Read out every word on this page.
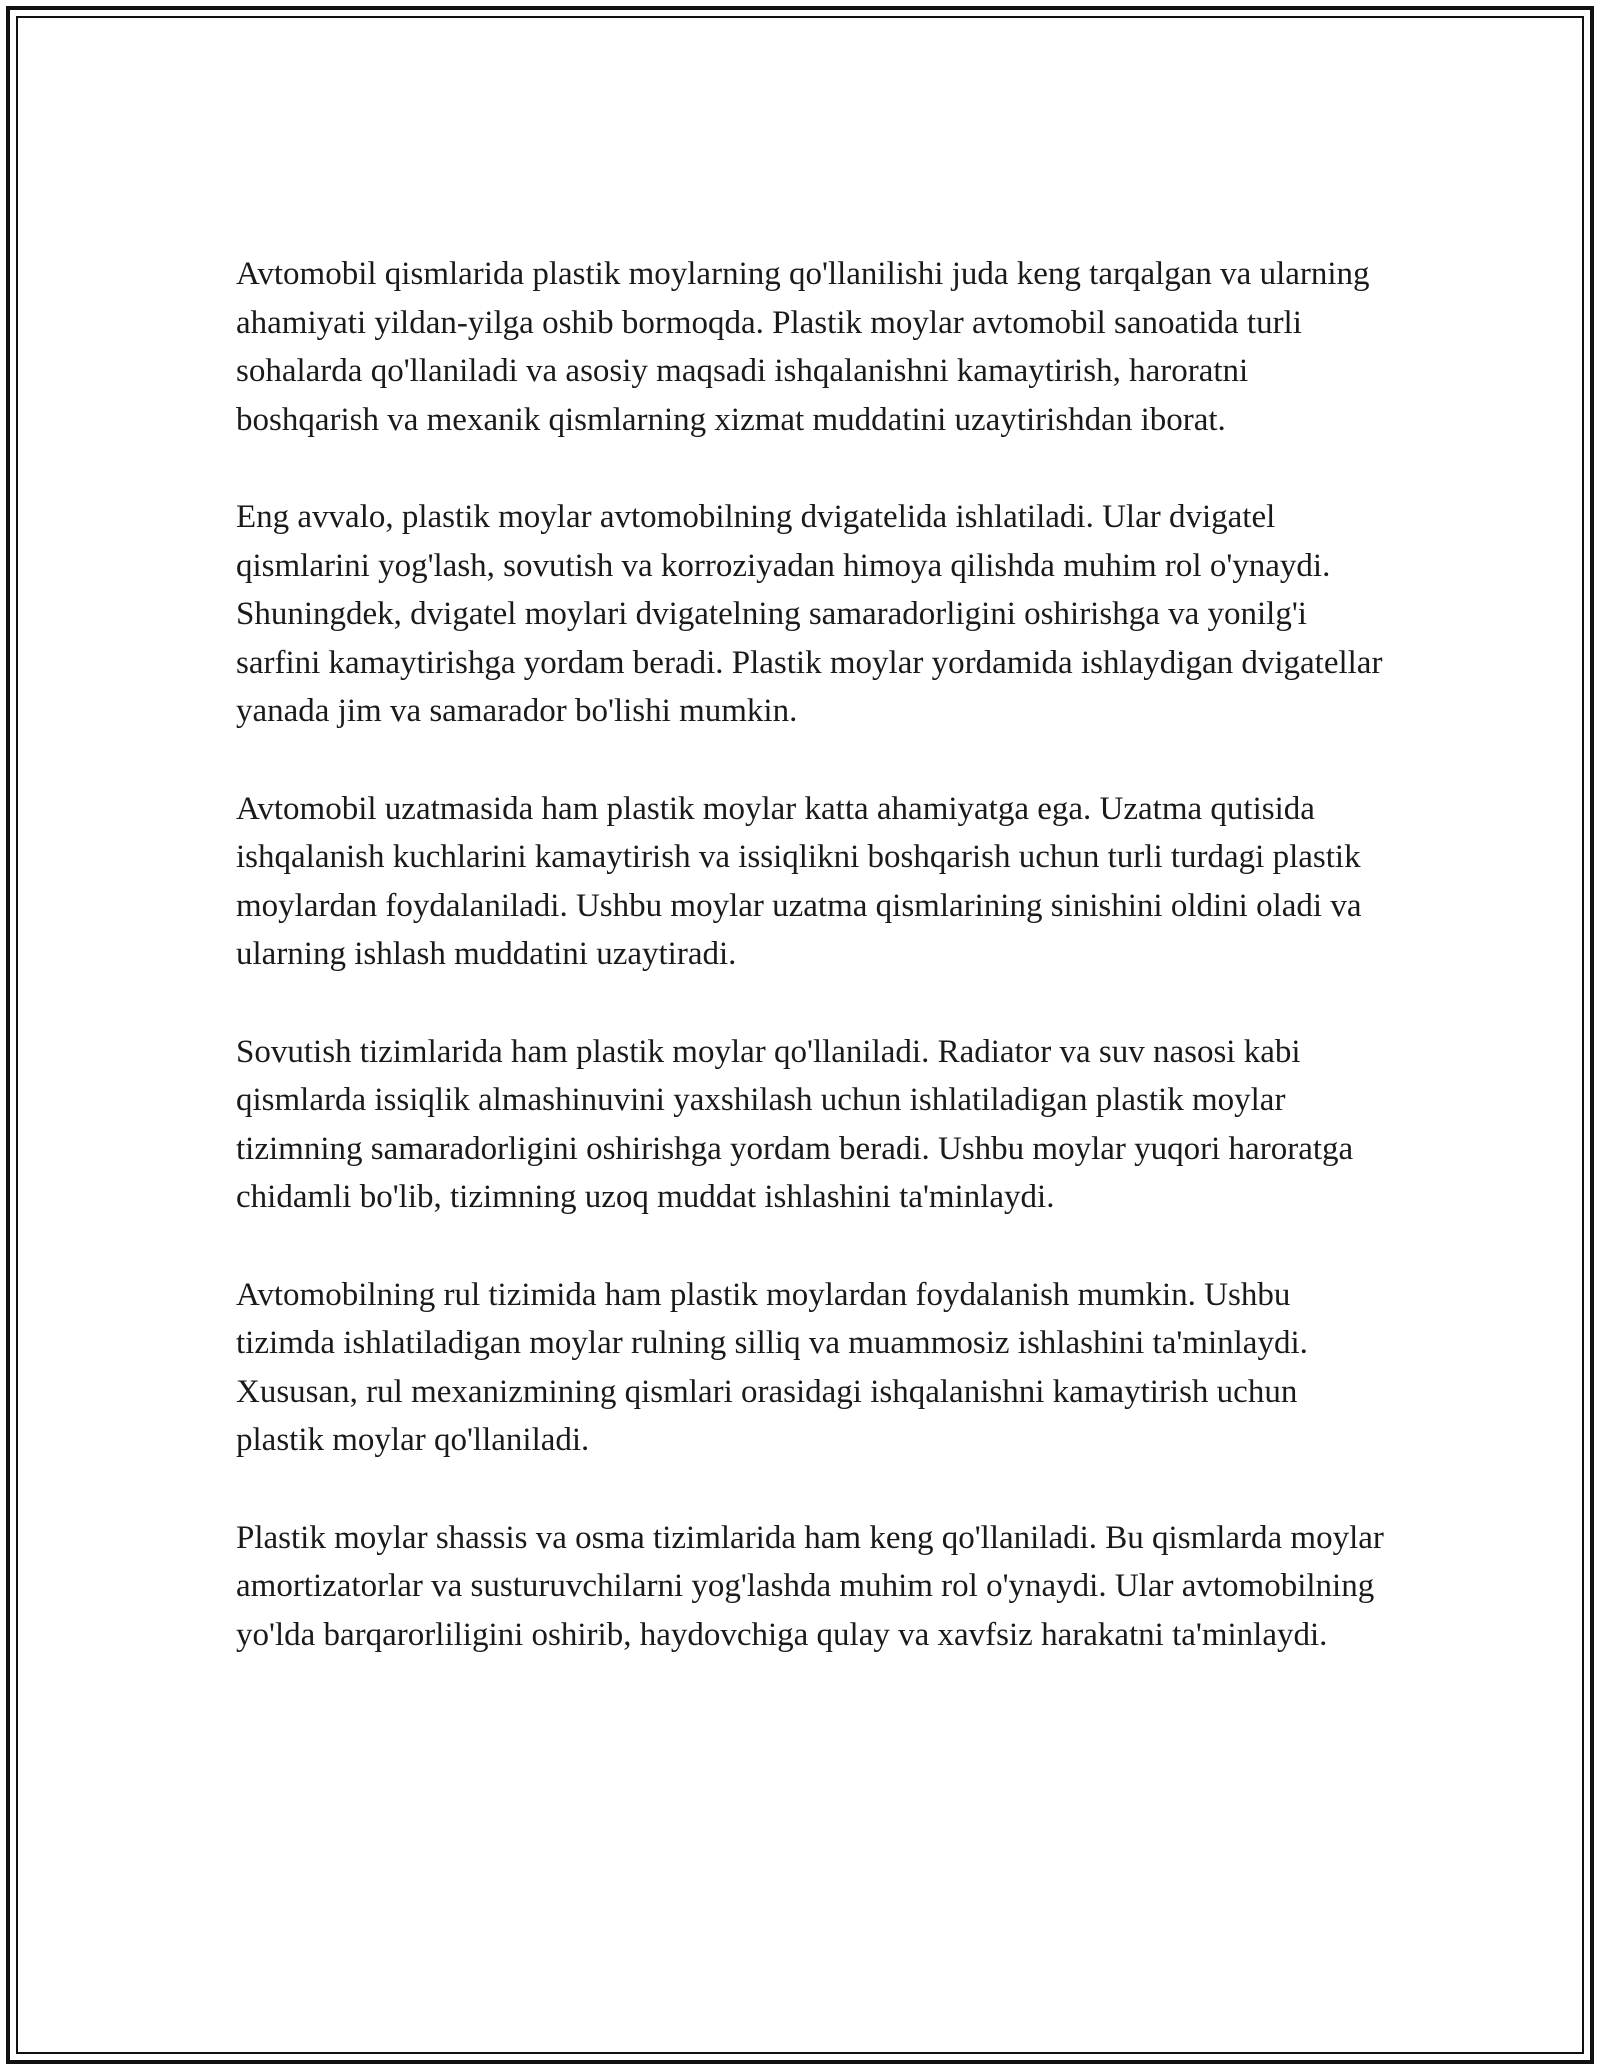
Avtomobil qismlarida plastik moylarning qo'llanilishi juda keng tarqalgan va ularning ahamiyati yildan-yilga oshib bormoqda. Plastik moylar avtomobil sanoatida turli sohalarda qo'llaniladi va asosiy maqsadi ishqalanishni kamaytirish, haroratni boshqarish va mexanik qismlarning xizmat muddatini uzaytirishdan iborat.

Eng avvalo, plastik moylar avtomobilning dvigatelida ishlatiladi. Ular dvigatel qismlarini yog'lash, sovutish va korroziyadan himoya qilishda muhim rol o'ynaydi. Shuningdek, dvigatel moylari dvigatelning samaradorligini oshirishga va yonilg'i sarfini kamaytirishga yordam beradi. Plastik moylar yordamida ishlaydigan dvigatellar yanada jim va samarador bo'lishi mumkin.

Avtomobil uzatmasida ham plastik moylar katta ahamiyatga ega. Uzatma qutisida ishqalanish kuchlarini kamaytirish va issiqlikni boshqarish uchun turli turdagi plastik moylardan foydalaniladi. Ushbu moylar uzatma qismlarining sinishini oldini oladi va ularning ishlash muddatini uzaytiradi.

Sovutish tizimlarida ham plastik moylar qo'llaniladi. Radiator va suv nasosi kabi qismlarda issiqlik almashinuvini yaxshilash uchun ishlatiladigan plastik moylar tizimning samaradorligini oshirishga yordam beradi. Ushbu moylar yuqori haroratga chidamli bo'lib, tizimning uzoq muddat ishlashini ta'minlaydi.

Avtomobilning rul tizimida ham plastik moylardan foydalanish mumkin. Ushbu tizimda ishlatiladigan moylar rulning silliq va muammosiz ishlashini ta'minlaydi. Xususan, rul mexanizmining qismlari orasidagi ishqalanishni kamaytirish uchun plastik moylar qo'llaniladi.

Plastik moylar shassis va osma tizimlarida ham keng qo'llaniladi. Bu qismlarda moylar amortizatorlar va susturuvchilarni yog'lashda muhim rol o'ynaydi. Ular avtomobilning yo'lda barqarorliligini oshirib, haydovchiga qulay va xavfsiz harakatni ta'minlaydi.
